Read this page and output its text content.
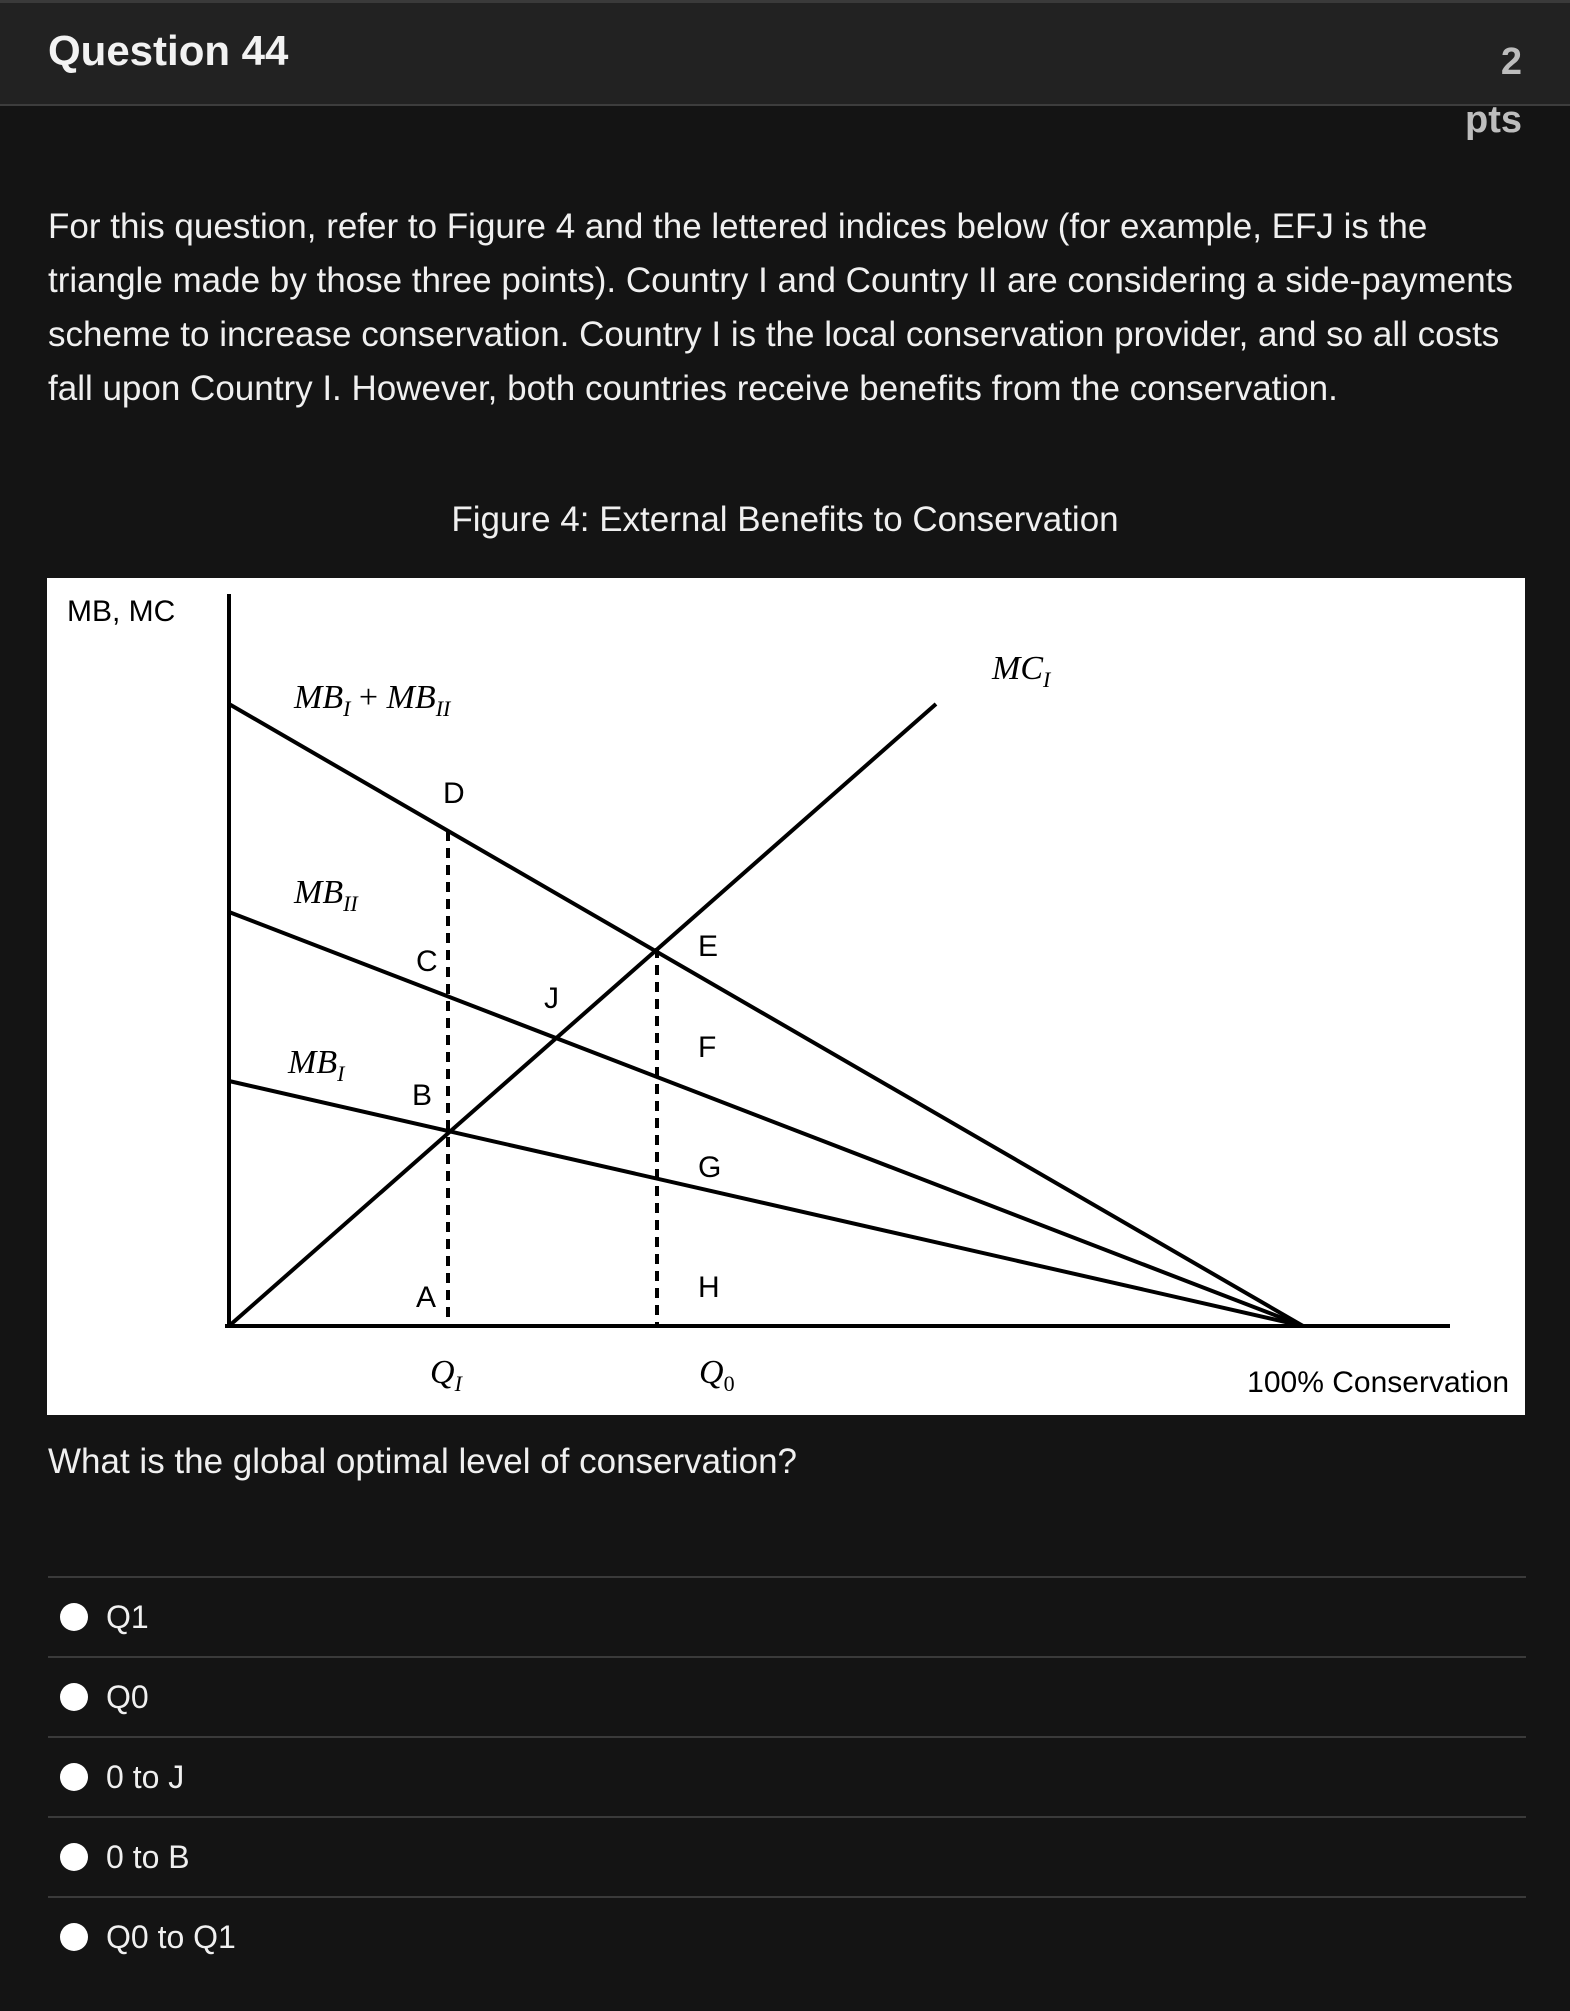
Question 44	2
pts
For this question, refer to Figure 4 and the lettered indices below (for example, EFJ is the triangle made by those three points). Country I and Country II are considering a side-payments scheme to increase conservation. Country I is the local conservation provider, and so all costs fall upon Country I. However, both countries receive benefits from the conservation.
Figure 4: External Benefits to Conservation
MB, MC
100% Conservation
D
C
B
A
J
E
F
G
H
$MB_I + MB_{II}$
$MB_{II}$
$MB_I$
$MC_I$
$Q_I$	$Q_0$
What is the global optimal level of conservation?
Q1
Q0
0 to J
0 to B
Q0 to Q1
